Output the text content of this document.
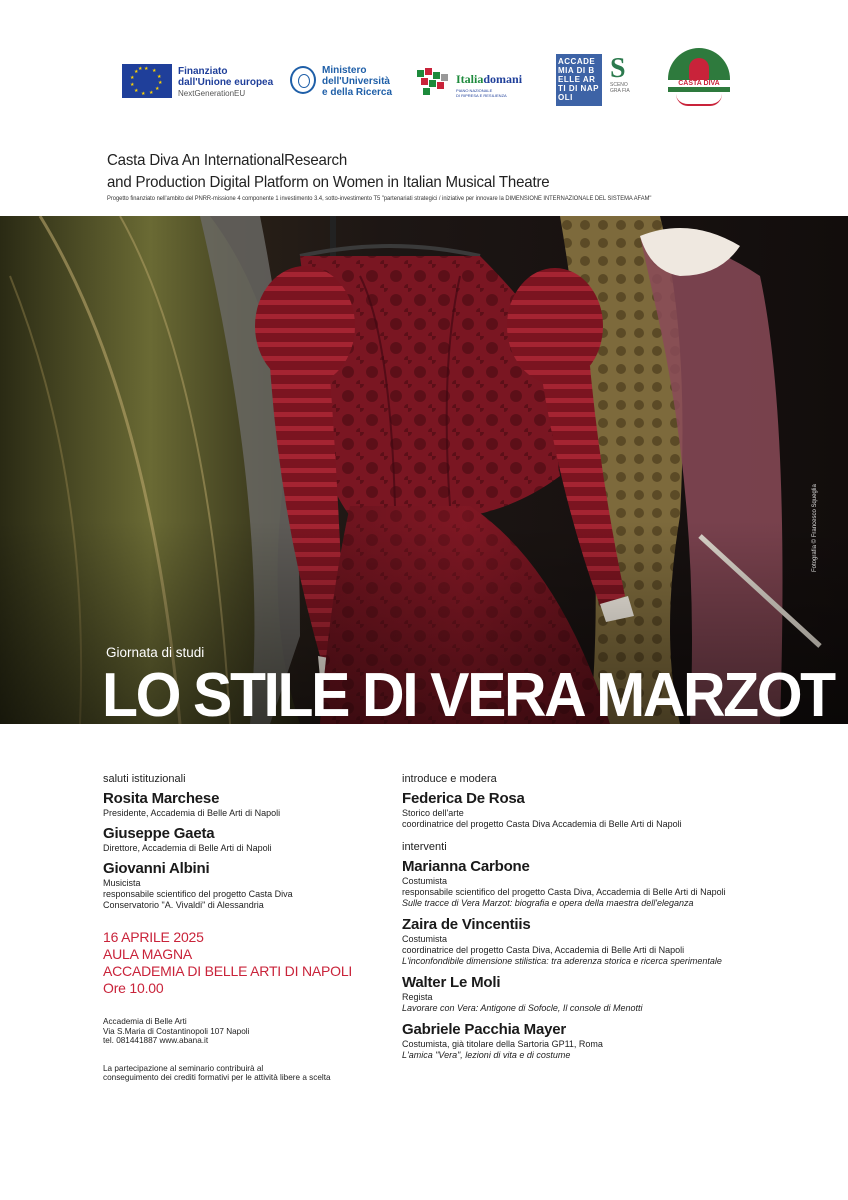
★ ★
★
★
★
★
★
★
★
★
★ ★	Finanziato
dall'Unione europea
NextGenerationEU
Ministero
dell'Università
e della Ricerca
Italiadomani
PIANO NAZIONALE
DI RIPRESA E RESILIENZA
ACCADEMIA DI BELLE ARTI DI NAPOLI
S
SCENO GRA FIA
CASTA DIVA
Casta Diva An InternationalResearch
and Production Digital Platform on Women in Italian Musical Theatre
Progetto finanziato nell'ambito del PNRR-missione 4 componente 1 investimento 3.4, sotto-investimento T5 "partenariati strategici / iniziative per innovare la DIMENSIONE INTERNAZIONALE DEL SISTEMA AFAM"
Fotografia © Francesco Squeglia
Giornata di studi
LO STILE DI VERA MARZOT
saluti istituzionali
Rosita Marchese
Presidente, Accademia di Belle Arti di Napoli
Giuseppe Gaeta
Direttore, Accademia di Belle Arti di Napoli
Giovanni Albini
Musicista
responsabile scientifico del progetto Casta Diva
Conservatorio "A. Vivaldi" di Alessandria
16 APRILE 2025
AULA MAGNA
ACCADEMIA DI BELLE ARTI DI NAPOLI
Ore 10.00
Accademia di Belle Arti
Via S.Maria di Costantinopoli 107 Napoli
tel. 081441887 www.abana.it
La partecipazione al seminario contribuirà al
conseguimento dei crediti formativi per le attività libere a scelta
introduce e modera
Federica De Rosa
Storico dell'arte
coordinatrice del progetto Casta Diva Accademia di Belle Arti di Napoli
interventi
Marianna Carbone
Costumista
responsabile scientifico del progetto Casta Diva, Accademia di Belle Arti di Napoli
Sulle tracce di Vera Marzot: biografia e opera della maestra dell'eleganza
Zaira de Vincentiis
Costumista
coordinatrice del progetto Casta Diva, Accademia di Belle Arti di Napoli
L'inconfondibile dimensione stilistica: tra aderenza storica e ricerca sperimentale
Walter Le Moli
Regista
Lavorare con Vera: Antigone di Sofocle, Il console di Menotti
Gabriele Pacchia Mayer
Costumista, già titolare della Sartoria GP11, Roma
L'amica "Vera", lezioni di vita e di costume
